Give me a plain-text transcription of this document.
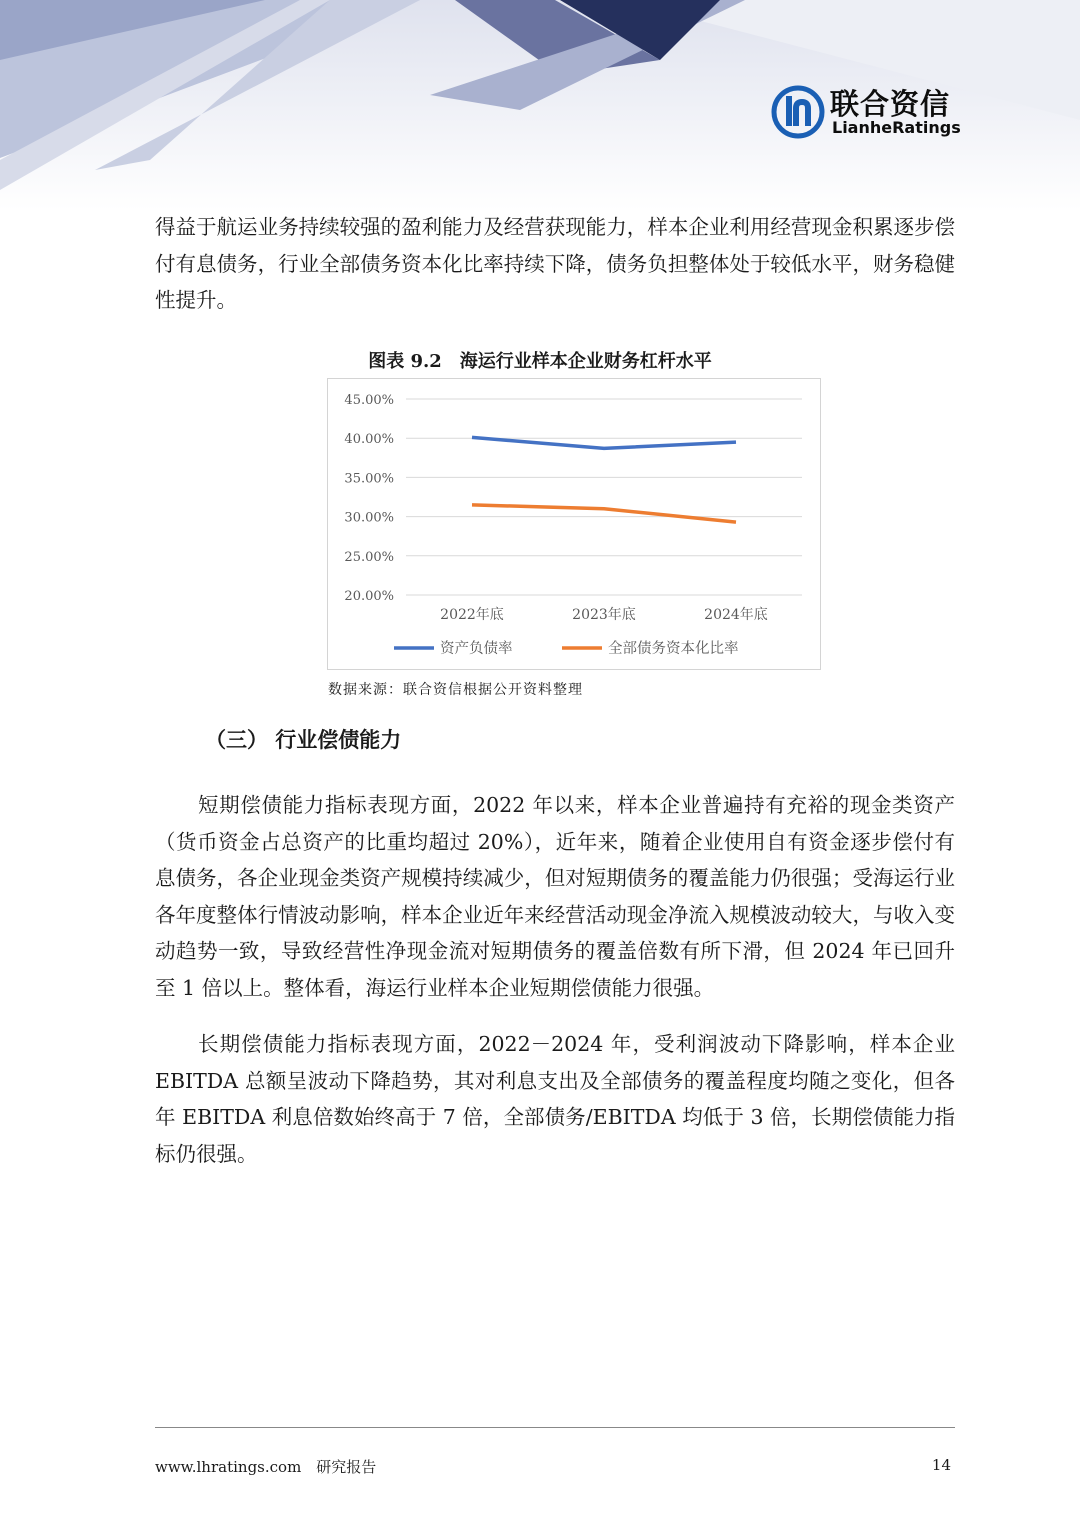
联合资信
LianheRatings
得益于航运业务持续较强的盈利能力及经营获现能力，样本企业利用经营现金积累逐步偿付有息债务，行业全部债务资本化比率持续下降，债务负担整体处于较低水平，财务稳健性提升。
图表 9.2　海运行业样本企业财务杠杆水平
20.00%
25.00%
30.00%
35.00%
40.00%
45.00%
2022年底	2023年底	2024年底
资产负债率	全部债务资本化比率
数据来源：联合资信根据公开资料整理
（三） 行业偿债能力
短期偿债能力指标表现方面，2022 年以来，样本企业普遍持有充裕的现金类资产（货币资金占总资产的比重均超过 20%），近年来，随着企业使用自有资金逐步偿付有息债务，各企业现金类资产规模持续减少，但对短期债务的覆盖能力仍很强；受海运行业各年度整体行情波动影响，样本企业近年来经营活动现金净流入规模波动较大，与收入变动趋势一致，导致经营性净现金流对短期债务的覆盖倍数有所下滑，但 2024 年已回升至 1 倍以上。整体看，海运行业样本企业短期偿债能力很强。
长期偿债能力指标表现方面，2022－2024 年，受利润波动下降影响，样本企业 EBITDA 总额呈波动下降趋势，其对利息支出及全部债务的覆盖程度均随之变化，但各年 EBITDA 利息倍数始终高于 7 倍，全部债务/EBITDA 均低于 3 倍，长期偿债能力指标仍很强。
www.lhratings.com　研究报告	14
